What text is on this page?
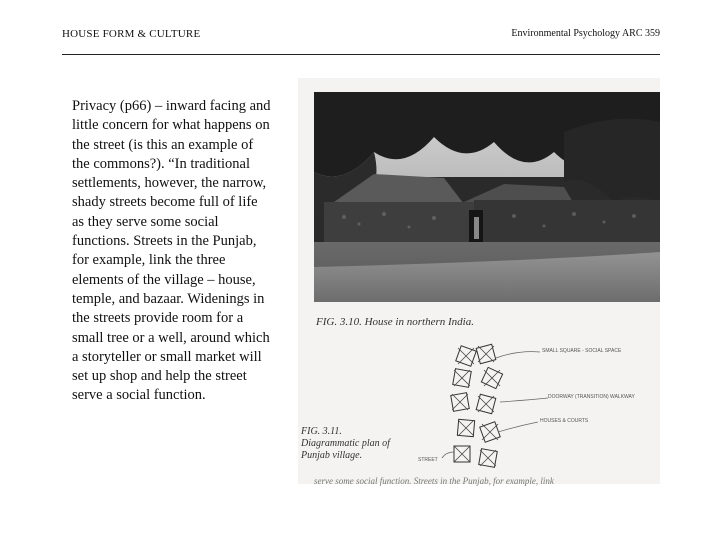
HOUSE FORM & CULTURE	Environmental Psychology ARC 359
Privacy (p66) – inward facing and little concern for what happens on the street (is this an example of the commons?). “In traditional settlements, however, the narrow, shady streets become full of life as they serve some social functions. Streets in the Punjab, for example, link the three elements of the village – house, temple, and bazaar. Widenings in the streets provide room for a small tree or a well, around which a storyteller or small market will set up shop and help the street serve a social function.
FIG. 3.10. House in northern India.
FIG. 3.11.
Diagrammatic plan of
Punjab village.
SMALL SQUARE - SOCIAL SPACE
DOORWAY (TRANSITION) WALKWAY
HOUSES & COURTS
STREET
serve some social function. Streets in the Punjab, for example, link
